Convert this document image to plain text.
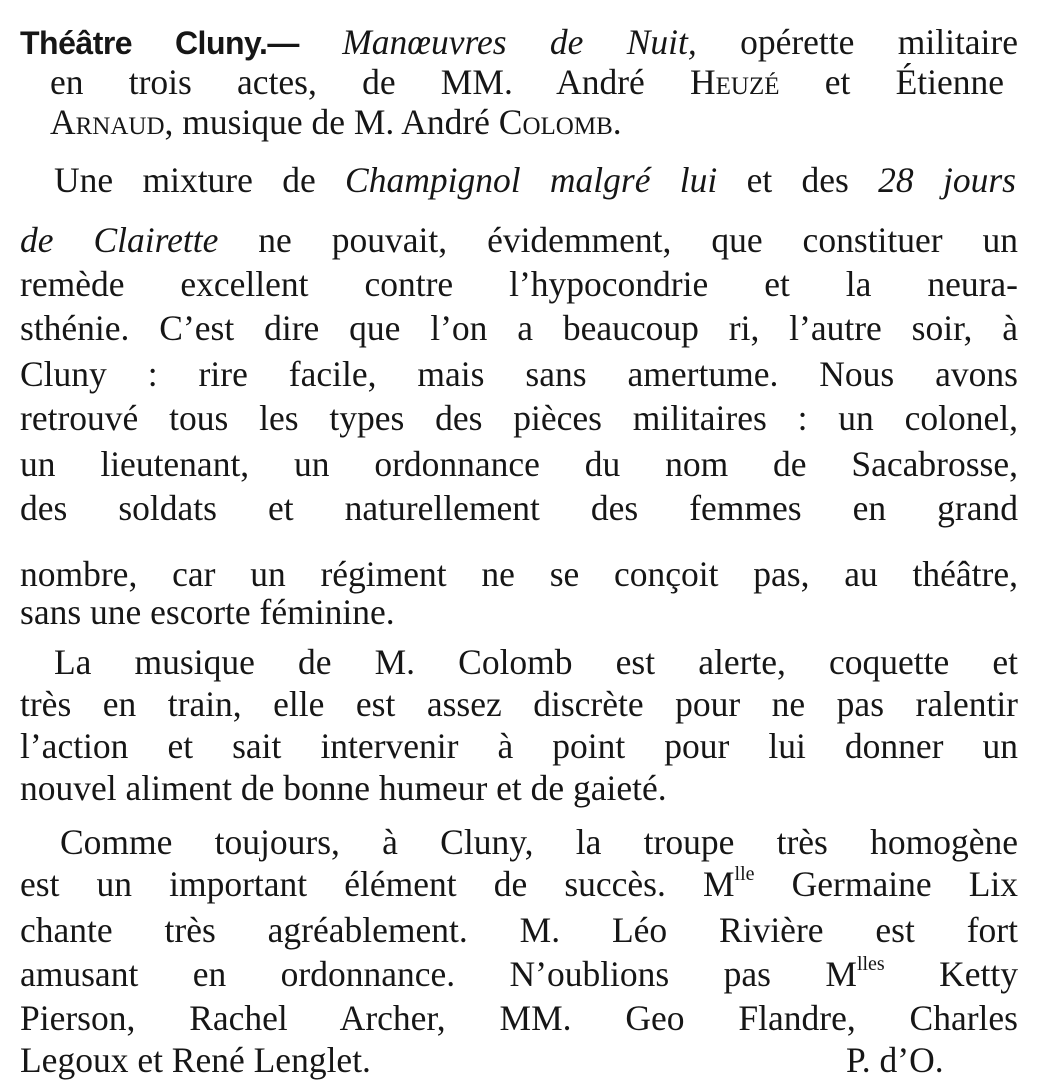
Théâtre Cluny.— Manœuvres de Nuit, opérette militaire
en trois actes, de MM. André Heuzé et Étienne
Arnaud, musique de M. André Colomb.
Une mixture de Champignol malgré lui et des 28 jours
de Clairette ne pouvait, évidemment, que constituer un
remède excellent contre l’hypocondrie et la neura-
sthénie. C’est dire que l’on a beaucoup ri, l’autre soir, à
Cluny : rire facile, mais sans amertume. Nous avons
retrouvé tous les types des pièces militaires : un colonel,
un lieutenant, un ordonnance du nom de Sacabrosse,
des soldats et naturellement des femmes en grand
nombre, car un régiment ne se conçoit pas, au théâtre,
sans une escorte féminine.
La musique de M. Colomb est alerte, coquette et
très en train, elle est assez discrète pour ne pas ralentir
l’action et sait intervenir à point pour lui donner un
nouvel aliment de bonne humeur et de gaieté.
Comme toujours, à Cluny, la troupe très homogène
est un important élément de succès. $M^{lle}$ Germaine Lix
chante très agréablement. M. Léo Rivière est fort
amusant en ordonnance. N’oublions pas $M^{lles}$ Ketty
Pierson, Rachel Archer, MM. Geo Flandre, Charles
Legoux et René Lenglet.	P. d’O.
